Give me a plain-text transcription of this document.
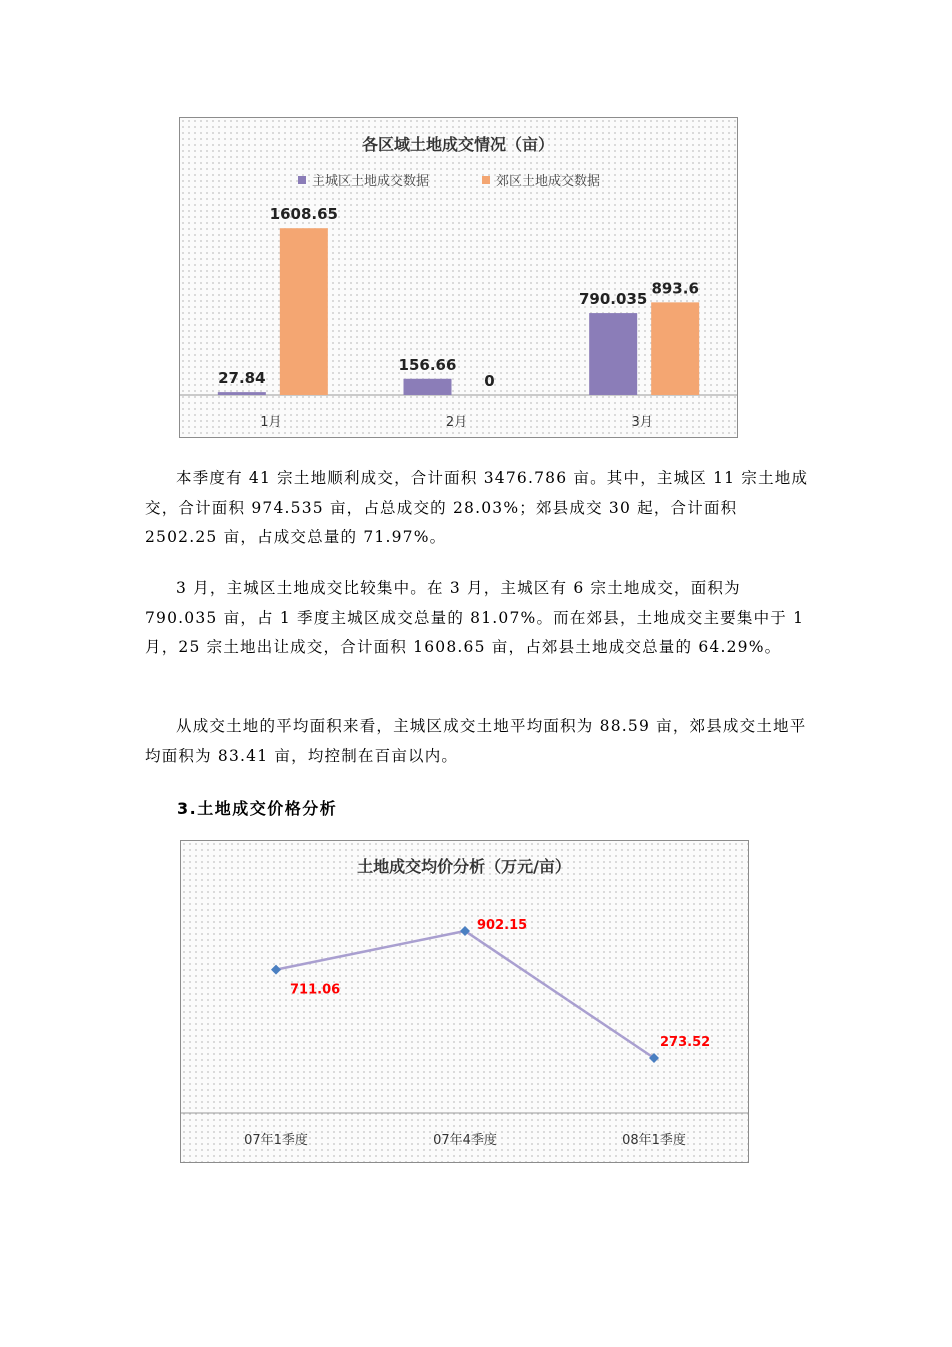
各区域土地成交情况（亩）
主城区土地成交数据	郊区土地成交数据
27.84
1608.65
1月
156.66
0
2月
790.035
893.6
3月

本季度有 41 宗土地顺利成交，合计面积 3476.786 亩。其中，主城区 11 宗土地成交，合计面积 974.535 亩，占总成交的 28.03%；郊县成交 30 起，合计面积 2502.25 亩，占成交总量的 71.97%。

3 月，主城区土地成交比较集中。在 3 月，主城区有 6 宗土地成交，面积为 790.035 亩，占 1 季度主城区成交总量的 81.07%。而在郊县，土地成交主要集中于 1 月，25 宗土地出让成交，合计面积 1608.65 亩，占郊县土地成交总量的 64.29%。

从成交土地的平均面积来看，主城区成交土地平均面积为 88.59 亩，郊县成交土地平均面积为 83.41 亩，均控制在百亩以内。

3.土地成交价格分析
土地成交均价分析（万元/亩）
711.06
902.15
273.52
07年1季度	07年4季度	08年1季度
